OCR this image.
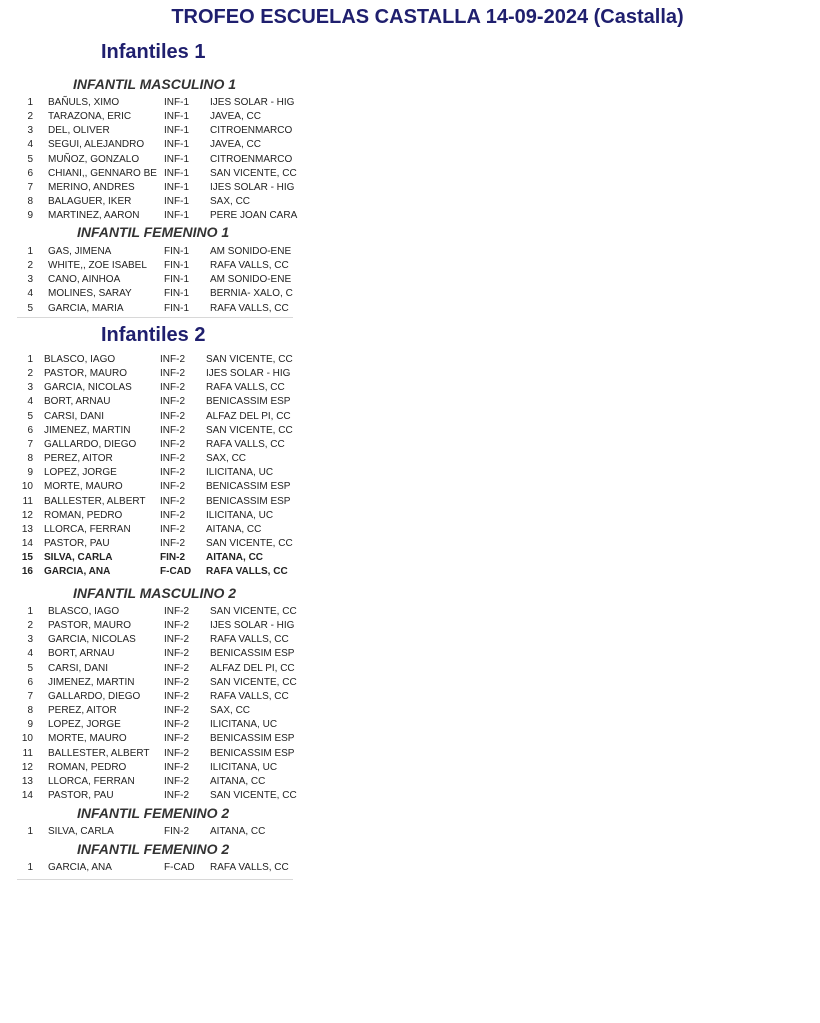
TROFEO ESCUELAS CASTALLA 14-09-2024 (Castalla)
Infantiles 1
Infantiles 2
INFANTIL MASCULINO 1
INFANTIL FEMENINO 1
INFANTIL MASCULINO 2
INFANTIL FEMENINO 2
INFANTIL FEMENINO 2
1 BAÑULS, XIMO	INF-1 IJES SOLAR - HIG
2 TARAZONA, ERIC	INF-1 JAVEA, CC
3 DEL, OLIVER	INF-1 CITROENMARCO
4 SEGUI, ALEJANDRO INF-1 JAVEA, CC
5 MUÑOZ, GONZALO INF-1 CITROENMARCO
6 CHIANI,, GENNARO BE INF-1 SAN VICENTE, CC
7 MERINO, ANDRES	INF-1 IJES SOLAR - HIG
8 BALAGUER, IKER	INF-1 SAX, CC
9 MARTINEZ, AARON INF-1 PERE JOAN CARA
1 GAS, JIMENA	FIN-1 AM SONIDO-ENE
2 WHITE,, ZOE ISABEL FIN-1 RAFA VALLS, CC
3 CANO, AINHOA	FIN-1 AM SONIDO-ENE
4 MOLINES, SARAY	FIN-1 BERNIA- XALO, C
5 GARCIA, MARIA	FIN-1 RAFA VALLS, CC
1 BLASCO, IAGO	INF-2 SAN VICENTE, CC
2 PASTOR, MAURO	INF-2 IJES SOLAR - HIG
3 GARCIA, NICOLAS	INF-2 RAFA VALLS, CC
4 BORT, ARNAU	INF-2 BENICASSIM ESP
5 CARSI, DANI	INF-2 ALFAZ DEL PI, CC
6 JIMENEZ, MARTIN	INF-2 SAN VICENTE, CC
7 GALLARDO, DIEGO INF-2 RAFA VALLS, CC
8 PEREZ, AITOR	INF-2 SAX, CC
9 LOPEZ, JORGE	INF-2 ILICITANA, UC
10 MORTE, MAURO	INF-2 BENICASSIM ESP
11 BALLESTER, ALBERT INF-2 BENICASSIM ESP
12 ROMAN, PEDRO	INF-2 ILICITANA, UC
13 LLORCA, FERRAN	INF-2 AITANA, CC
14 PASTOR, PAU	INF-2 SAN VICENTE, CC
15 SILVA, CARLA	FIN-2 AITANA, CC
16 GARCIA, ANA	F-CAD RAFA VALLS, CC
1 BLASCO, IAGO	INF-2 SAN VICENTE, CC
2 PASTOR, MAURO	INF-2 IJES SOLAR - HIG
3 GARCIA, NICOLAS	INF-2 RAFA VALLS, CC
4 BORT, ARNAU	INF-2 BENICASSIM ESP
5 CARSI, DANI	INF-2 ALFAZ DEL PI, CC
6 JIMENEZ, MARTIN	INF-2 SAN VICENTE, CC
7 GALLARDO, DIEGO INF-2 RAFA VALLS, CC
8 PEREZ, AITOR	INF-2 SAX, CC
9 LOPEZ, JORGE	INF-2 ILICITANA, UC
10 MORTE, MAURO	INF-2 BENICASSIM ESP
11 BALLESTER, ALBERT INF-2 BENICASSIM ESP
12 ROMAN, PEDRO	INF-2 ILICITANA, UC
13 LLORCA, FERRAN	INF-2 AITANA, CC
14 PASTOR, PAU	INF-2 SAN VICENTE, CC
1 SILVA, CARLA	FIN-2 AITANA, CC
1 GARCIA, ANA	F-CAD RAFA VALLS, CC
